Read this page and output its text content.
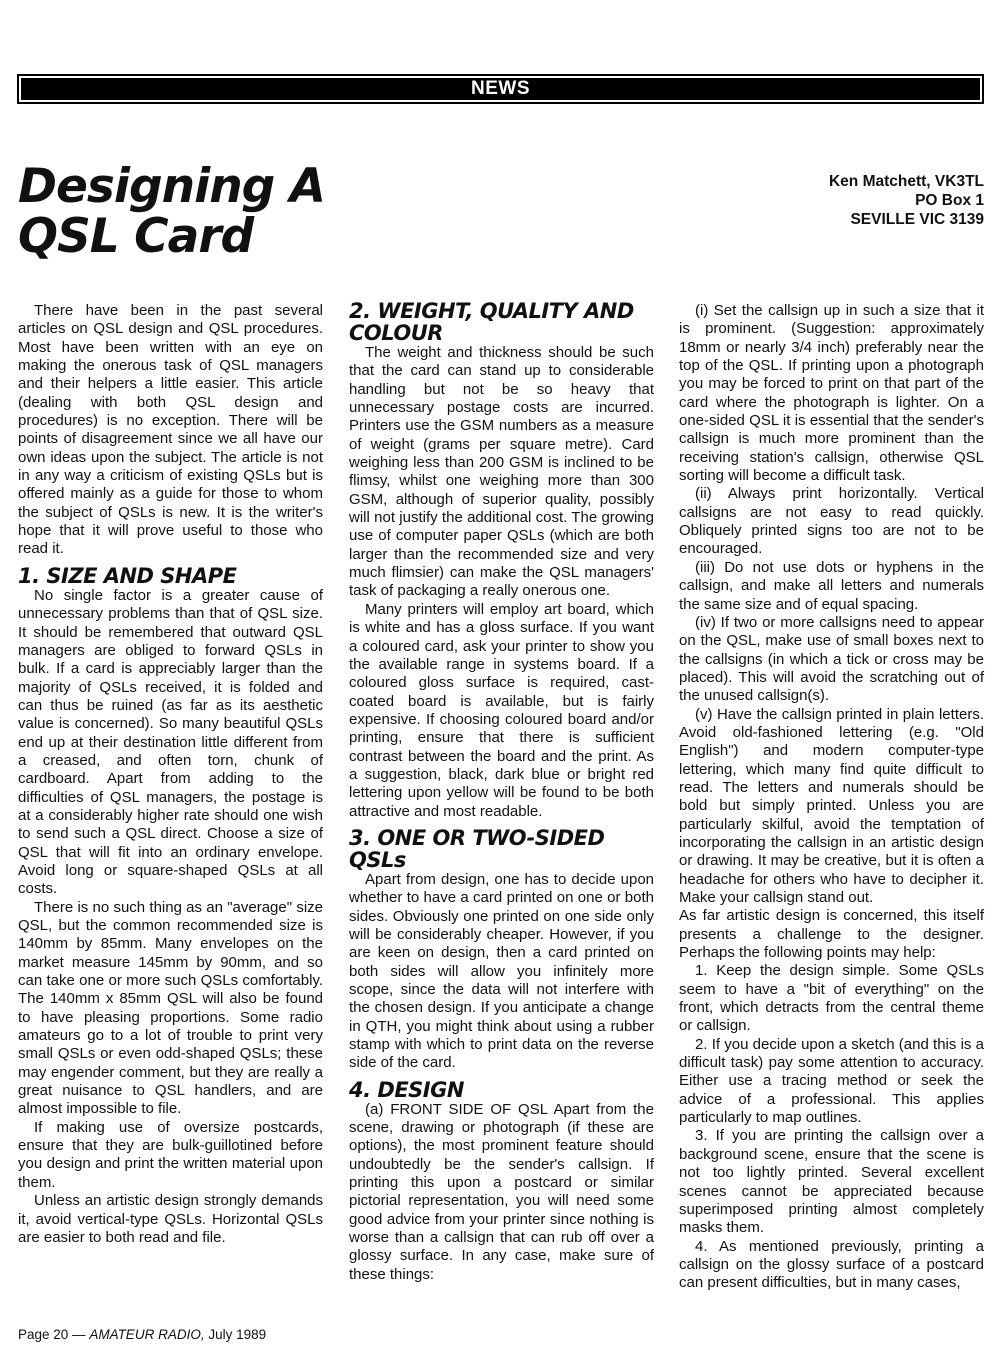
NEWS
Designing A
QSL Card
Ken Matchett, VK3TL
PO Box 1
SEVILLE VIC 3139

There have been in the past several articles on QSL design and QSL procedures. Most have been written with an eye on making the onerous task of QSL managers and their helpers a little easier. This article (dealing with both QSL design and procedures) is no exception. There will be points of disagreement since we all have our own ideas upon the subject. The article is not in any way a criticism of existing QSLs but is offered mainly as a guide for those to whom the subject of QSLs is new. It is the writer's hope that it will prove useful to those who read it.

1. SIZE AND SHAPE

No single factor is a greater cause of unnecessary problems than that of QSL size. It should be remembered that outward QSL managers are obliged to forward QSLs in bulk. If a card is appreciably larger than the majority of QSLs received, it is folded and can thus be ruined (as far as its aesthetic value is concerned). So many beautiful QSLs end up at their destination little different from a creased, and often torn, chunk of cardboard. Apart from adding to the difficulties of QSL managers, the postage is at a considerably higher rate should one wish to send such a QSL direct. Choose a size of QSL that will fit into an ordinary envelope. Avoid long or square-shaped QSLs at all costs.

There is no such thing as an "average" size QSL, but the common recommended size is 140mm by 85mm. Many envelopes on the market measure 145mm by 90mm, and so can take one or more such QSLs comfortably. The 140mm x 85mm QSL will also be found to have pleasing proportions. Some radio amateurs go to a lot of trouble to print very small QSLs or even odd-shaped QSLs; these may engender comment, but they are really a great nuisance to QSL handlers, and are almost impossible to file.

If making use of oversize postcards, ensure that they are bulk-guillotined before you design and print the written material upon them.

Unless an artistic design strongly demands it, avoid vertical-type QSLs. Horizontal QSLs are easier to both read and file.

2. WEIGHT, QUALITY AND COLOUR

The weight and thickness should be such that the card can stand up to considerable handling but not be so heavy that unnecessary postage costs are incurred. Printers use the GSM numbers as a measure of weight (grams per square metre). Card weighing less than 200 GSM is inclined to be flimsy, whilst one weighing more than 300 GSM, although of superior quality, possibly will not justify the additional cost. The growing use of computer paper QSLs (which are both larger than the recommended size and very much flimsier) can make the QSL managers' task of packaging a really onerous one.

Many printers will employ art board, which is white and has a gloss surface. If you want a coloured card, ask your printer to show you the available range in systems board. If a coloured gloss surface is required, cast-coated board is available, but is fairly expensive. If choosing coloured board and/or printing, ensure that there is sufficient contrast between the board and the print. As a suggestion, black, dark blue or bright red lettering upon yellow will be found to be both attractive and most readable.

3. ONE OR TWO-SIDED QSLs

Apart from design, one has to decide upon whether to have a card printed on one or both sides. Obviously one printed on one side only will be considerably cheaper. However, if you are keen on design, then a card printed on both sides will allow you infinitely more scope, since the data will not interfere with the chosen design. If you anticipate a change in QTH, you might think about using a rubber stamp with which to print data on the reverse side of the card.

4. DESIGN

(a) FRONT SIDE OF QSL Apart from the scene, drawing or photograph (if these are options), the most prominent feature should undoubtedly be the sender's callsign. If printing this upon a postcard or similar pictorial representation, you will need some good advice from your printer since nothing is worse than a callsign that can rub off over a glossy surface. In any case, make sure of these things:

(i) Set the callsign up in such a size that it is prominent. (Suggestion: approximately 18mm or nearly 3/4 inch) preferably near the top of the QSL. If printing upon a photograph you may be forced to print on that part of the card where the photograph is lighter. On a one-sided QSL it is essential that the sender's callsign is much more prominent than the receiving station's callsign, otherwise QSL sorting will become a difficult task.

(ii) Always print horizontally. Vertical callsigns are not easy to read quickly. Obliquely printed signs too are not to be encouraged.

(iii) Do not use dots or hyphens in the callsign, and make all letters and numerals the same size and of equal spacing.

(iv) If two or more callsigns need to appear on the QSL, make use of small boxes next to the callsigns (in which a tick or cross may be placed). This will avoid the scratching out of the unused callsign(s).

(v) Have the callsign printed in plain letters. Avoid old-fashioned lettering (e.g. "Old English") and modern computer-type lettering, which many find quite difficult to read. The letters and numerals should be bold but simply printed. Unless you are particularly skilful, avoid the temptation of incorporating the callsign in an artistic design or drawing. It may be creative, but it is often a headache for others who have to decipher it. Make your callsign stand out.

As far artistic design is concerned, this itself presents a challenge to the designer. Perhaps the following points may help:

1. Keep the design simple. Some QSLs seem to have a "bit of everything" on the front, which detracts from the central theme or callsign.

2. If you decide upon a sketch (and this is a difficult task) pay some attention to accuracy. Either use a tracing method or seek the advice of a professional. This applies particularly to map outlines.

3. If you are printing the callsign over a background scene, ensure that the scene is not too lightly printed. Several excellent scenes cannot be appreciated because superimposed printing almost completely masks them.

4. As mentioned previously, printing a callsign on the glossy surface of a postcard can present difficulties, but in many cases,

Page 20 — AMATEUR RADIO, July 1989
